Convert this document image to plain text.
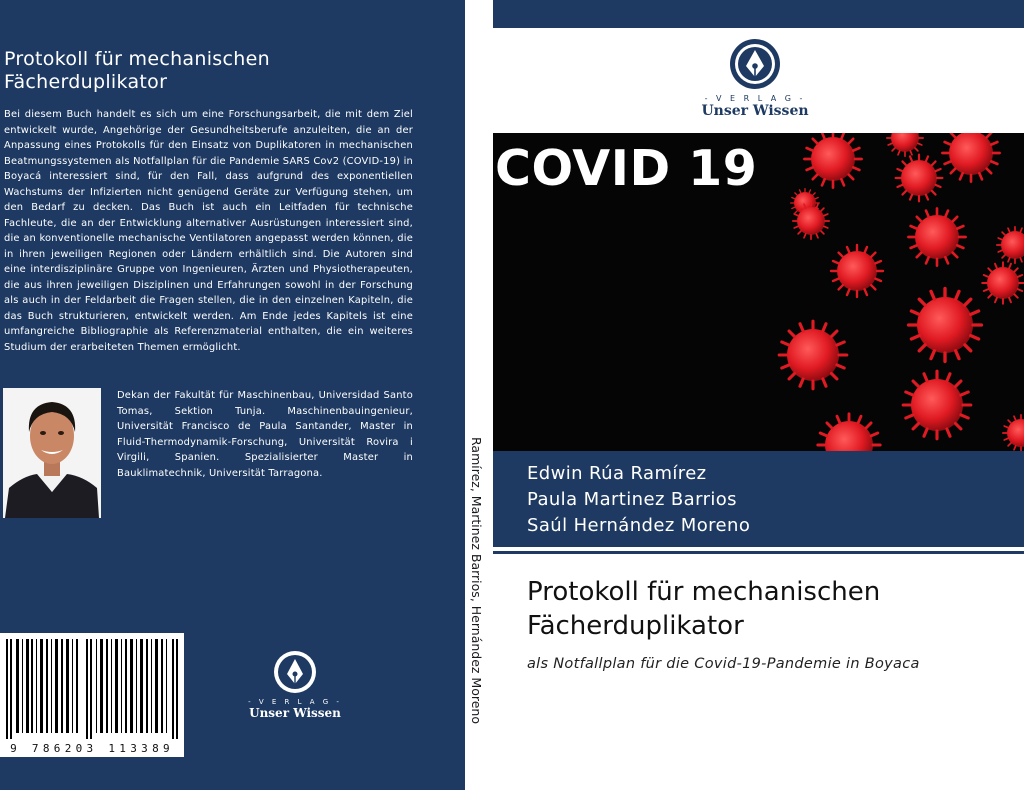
Protokoll für mechanischen Fächerduplikator
Bei diesem Buch handelt es sich um eine Forschungsarbeit, die mit dem Ziel entwickelt wurde, Angehörige der Gesundheitsberufe anzuleiten, die an der Anpassung eines Protokolls für den Einsatz von Duplikatoren in mechanischen Beatmungssystemen als Notfallplan für die Pandemie SARS Cov2 (COVID-19) in Boyacá interessiert sind, für den Fall, dass aufgrund des exponentiellen Wachstums der Infizierten nicht genügend Geräte zur Verfügung stehen, um den Bedarf zu decken. Das Buch ist auch ein Leitfaden für technische Fachleute, die an der Entwicklung alternativer Ausrüstungen interessiert sind, die an konventionelle mechanische Ventilatoren angepasst werden können, die in ihren jeweiligen Regionen oder Ländern erhältlich sind. Die Autoren sind eine interdisziplinäre Gruppe von Ingenieuren, Ärzten und Physiotherapeuten, die aus ihren jeweiligen Disziplinen und Erfahrungen sowohl in der Forschung als auch in der Feldarbeit die Fragen stellen, die in den einzelnen Kapiteln, die das Buch strukturieren, entwickelt werden. Am Ende jedes Kapitels ist eine umfangreiche Bibliographie als Referenzmaterial enthalten, die ein weiteres Studium der erarbeiteten Themen ermöglicht.
Dekan der Fakultät für Maschinenbau, Universidad Santo Tomas, Sektion Tunja. Maschinenbauingenieur, Universität Francisco de Paula Santander, Master in Fluid-Thermodynamik-Forschung, Universität Rovira i Virgili, Spanien. Spezialisierter Master in Bauklimatechnik, Universität Tarragona.
9 786203 113389
- V E R L A G -
Unser Wissen	Ramírez, Martinez Barrios, Hernández Moreno
- V E R L A G -
Unser Wissen
COVID 19
Edwin Rúa Ramírez
Paula Martinez Barrios
Saúl Hernández Moreno
Protokoll für mechanischen Fächerduplikator
als Notfallplan für die Covid-19-Pandemie in Boyaca
